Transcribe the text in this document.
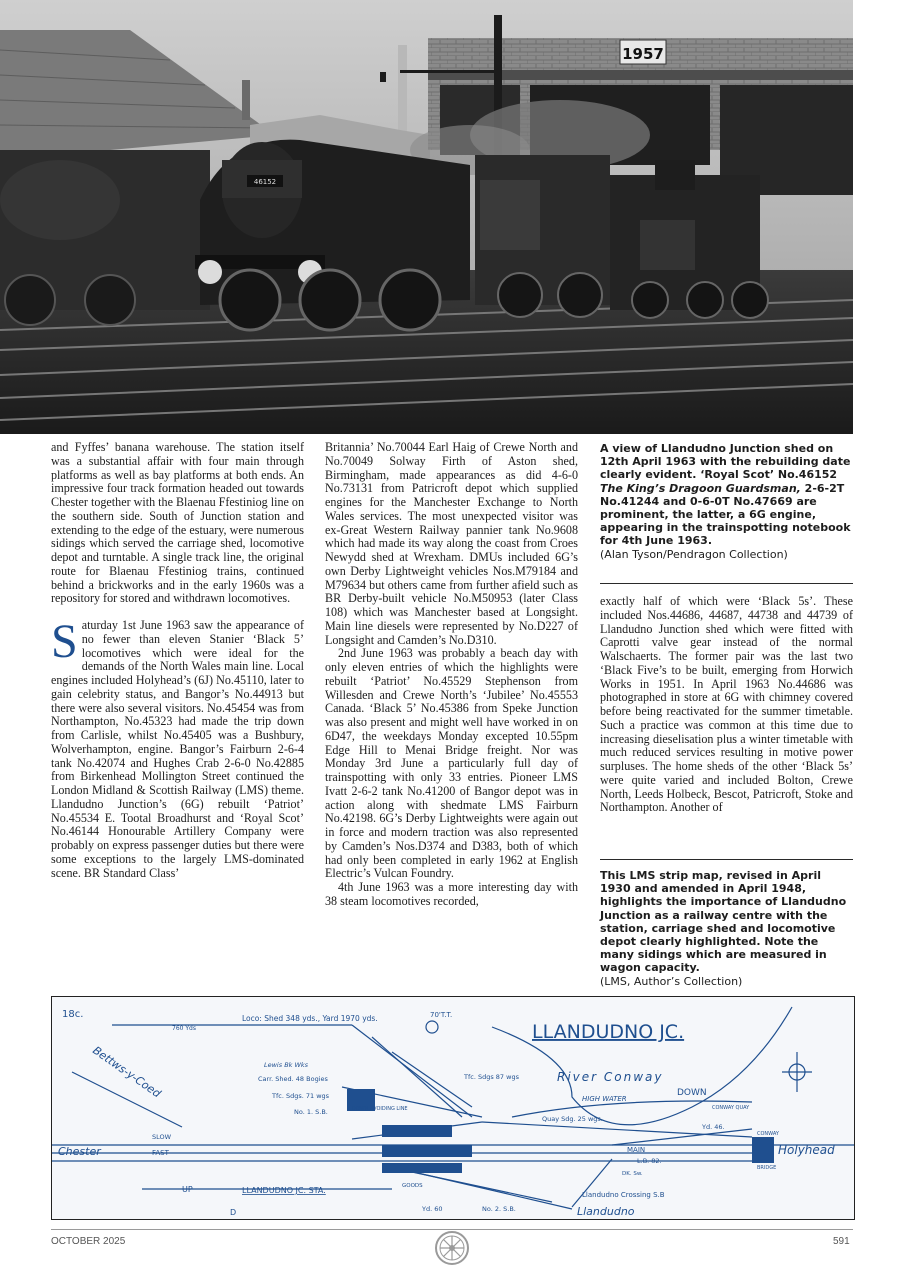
1957
46152

and Fyffes’ banana warehouse. The station itself was a substantial affair with four main through platforms as well as bay platforms at both ends. An impressive four track formation headed out towards Chester together with the Blaenau Ffestiniog line on the southern side. South of Junction station and extending to the edge of the estuary, were numerous sidings which served the carriage shed, locomotive depot and turntable. A single track line, the original route for Blaenau Ffestiniog trains, continued behind a brickworks and in the early 1960s was a repository for stored and withdrawn locomotives.

Saturday 1st June 1963 saw the appearance of no fewer than eleven Stanier ‘Black 5’ locomotives which were ideal for the demands of the North Wales main line. Local engines included Holyhead’s (6J) No.45110, later to gain celebrity status, and Bangor’s No.44913 but there were also several visitors. No.45454 was from Northampton, No.45323 had made the trip down from Carlisle, whilst No.45405 was a Bushbury, Wolverhampton, engine. Bangor’s Fairburn 2-6-4 tank No.42074 and Hughes Crab 2-6-0 No.42885 from Birkenhead Mollington Street continued the London Midland & Scottish Railway (LMS) theme. Llandudno Junction’s (6G) rebuilt ‘Patriot’ No.45534 E. Tootal Broadhurst and ‘Royal Scot’ No.46144 Honourable Artillery Company were probably on express passenger duties but there were some exceptions to the largely LMS-dominated scene. BR Standard Class’

Britannia’ No.70044 Earl Haig of Crewe North and No.70049 Solway Firth of Aston shed, Birmingham, made appearances as did 4-6-0 No.73131 from Patricroft depot which supplied engines for the Manchester Exchange to North Wales services. The most unexpected visitor was ex-Great Western Railway pannier tank No.9608 which had made its way along the coast from Croes Newydd shed at Wrexham. DMUs included 6G’s own Derby Lightweight vehicles Nos.M79184 and M79634 but others came from further afield such as BR Derby-built vehicle No.M50953 (later Class 108) which was Manchester based at Longsight. Main line diesels were represented by No.D227 of Longsight and Camden’s No.D310.

2nd June 1963 was probably a beach day with only eleven entries of which the highlights were rebuilt ‘Patriot’ No.45529 Stephenson from Willesden and Crewe North’s ‘Jubilee’ No.45553 Canada. ‘Black 5’ No.45386 from Speke Junction was also present and might well have worked in on 6D47, the weekdays Monday excepted 10.55pm Edge Hill to Menai Bridge freight. Nor was Monday 3rd June a particularly full day of trainspotting with only 33 entries. Pioneer LMS Ivatt 2-6-2 tank No.41200 of Bangor depot was in action along with shedmate LMS Fairburn No.42198. 6G’s Derby Lightweights were again out in force and modern traction was also represented by Camden’s Nos.D374 and D383, both of which had only been completed in early 1962 at English Electric’s Vulcan Foundry.

4th June 1963 was a more interesting day with 38 steam locomotives recorded,

A view of Llandudno Junction shed on 12th April 1963 with the rebuilding date clearly evident. ‘Royal Scot’ No.46152 The King’s Dragoon Guardsman, 2-6-2T No.41244 and 0-6-0T No.47669 are prominent, the latter, a 6G engine, appearing in the trainspotting notebook for 4th June 1963.
(Alan Tyson/Pendragon Collection)

exactly half of which were ‘Black 5s’. These included Nos.44686, 44687, 44738 and 44739 of Llandudno Junction shed which were fitted with Caprotti valve gear instead of the normal Walschaerts. The former pair was the last two ‘Black Five’s to be built, emerging from Horwich Works in 1951. In April 1963 No.44686 was photographed in store at 6G with chimney covered before being reactivated for the summer timetable. Such a practice was common at this time due to increasing dieselisation plus a winter timetable with much reduced services resulting in motive power surpluses. The home sheds of the other ‘Black 5s’ were quite varied and included Bolton, Crewe North, Leeds Holbeck, Bescot, Patricroft, Stoke and Northampton. Another of

This LMS strip map, revised in April 1930 and amended in April 1948, highlights the importance of Llandudno Junction as a railway centre with the station, carriage shed and locomotive depot clearly highlighted. Note the many sidings which are measured in wagon capacity.
(LMS, Author’s Collection)
LLANDUDNO JC.
18c.	Loco: Shed 348 yds., Yard 1970 yds.
760 Yds
70'T.T.
River Conway
HIGH WATER
DOWN
CONWAY QUAY
Lewis Bk Wks
Carr. Shed. 48 Bogies
Tfc. Sdgs. 71 wgs
Tfc. Sdgs 87 wgs
No. 1. S.B.	DOWN AVOIDING LINE
SLOW
FAST
Quay Sdg. 25 wgs.
Yd. 46.
CONWAY
BRIDGE
MAIN
L.B. 82.
Holyhead
DK. Sw.
Bettws-y-Coed
Chester
UP	LLANDUDNO JC. STA.	GOODS
Yd. 60	No. 2. S.B.
Llandudno Crossing S.B
Llandudno
D
OCTOBER 2025	591
